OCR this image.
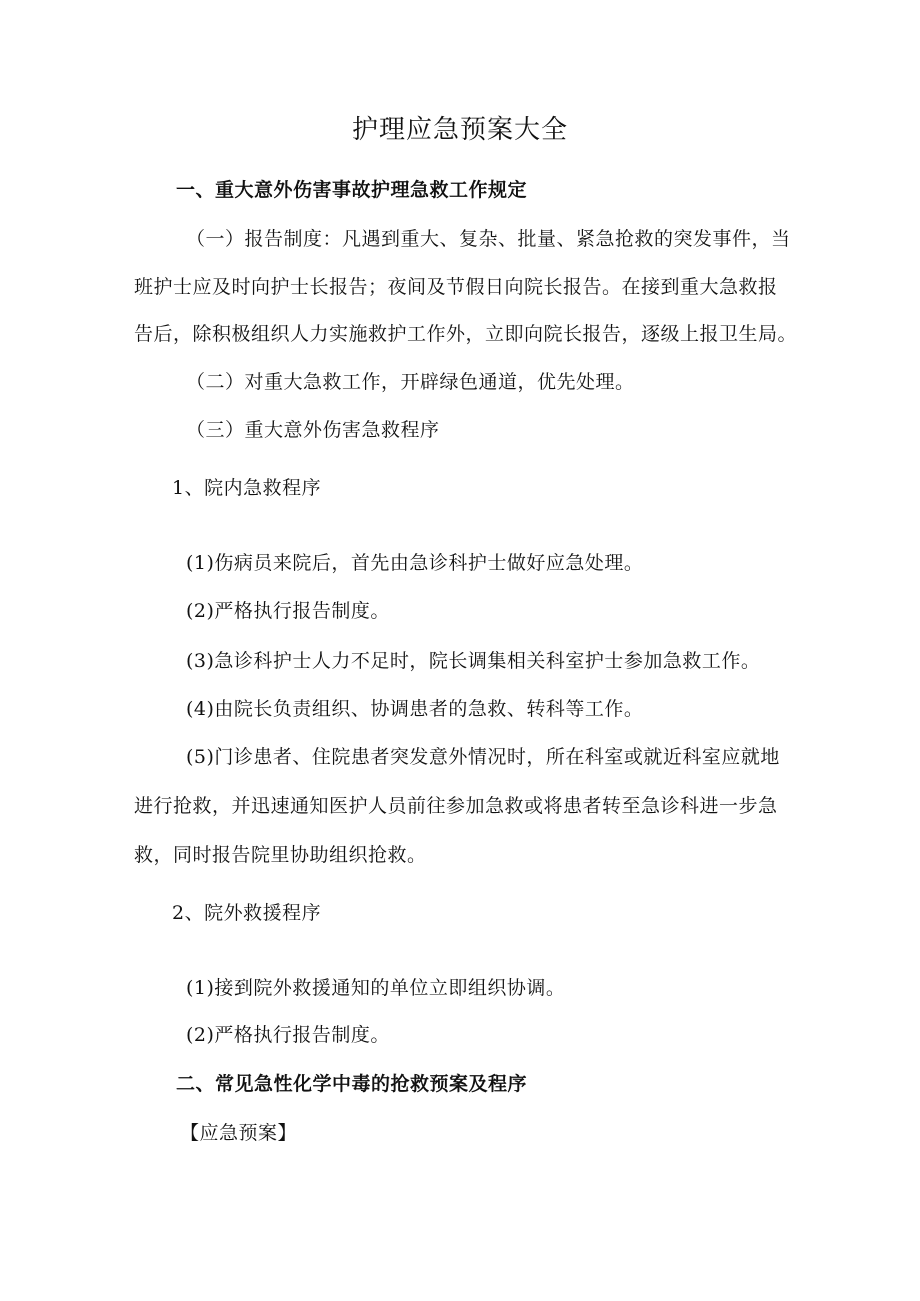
护理应急预案大全
一、重大意外伤害事故护理急救工作规定
（一）报告制度：凡遇到重大、复杂、批量、紧急抢救的突发事件，当
班护士应及时向护士长报告；夜间及节假日向院长报告。在接到重大急救报
告后，除积极组织人力实施救护工作外，立即向院长报告，逐级上报卫生局。
（二）对重大急救工作，开辟绿色通道，优先处理。
（三）重大意外伤害急救程序
1、院内急救程序
(1)伤病员来院后，首先由急诊科护士做好应急处理。
(2)严格执行报告制度。
(3)急诊科护士人力不足时，院长调集相关科室护士参加急救工作。
(4)由院长负责组织、协调患者的急救、转科等工作。
(5)门诊患者、住院患者突发意外情况时，所在科室或就近科室应就地
进行抢救，并迅速通知医护人员前往参加急救或将患者转至急诊科进一步急
救，同时报告院里协助组织抢救。
2、院外救援程序
(1)接到院外救援通知的单位立即组织协调。
(2)严格执行报告制度。
二、常见急性化学中毒的抢救预案及程序
【应急预案】
